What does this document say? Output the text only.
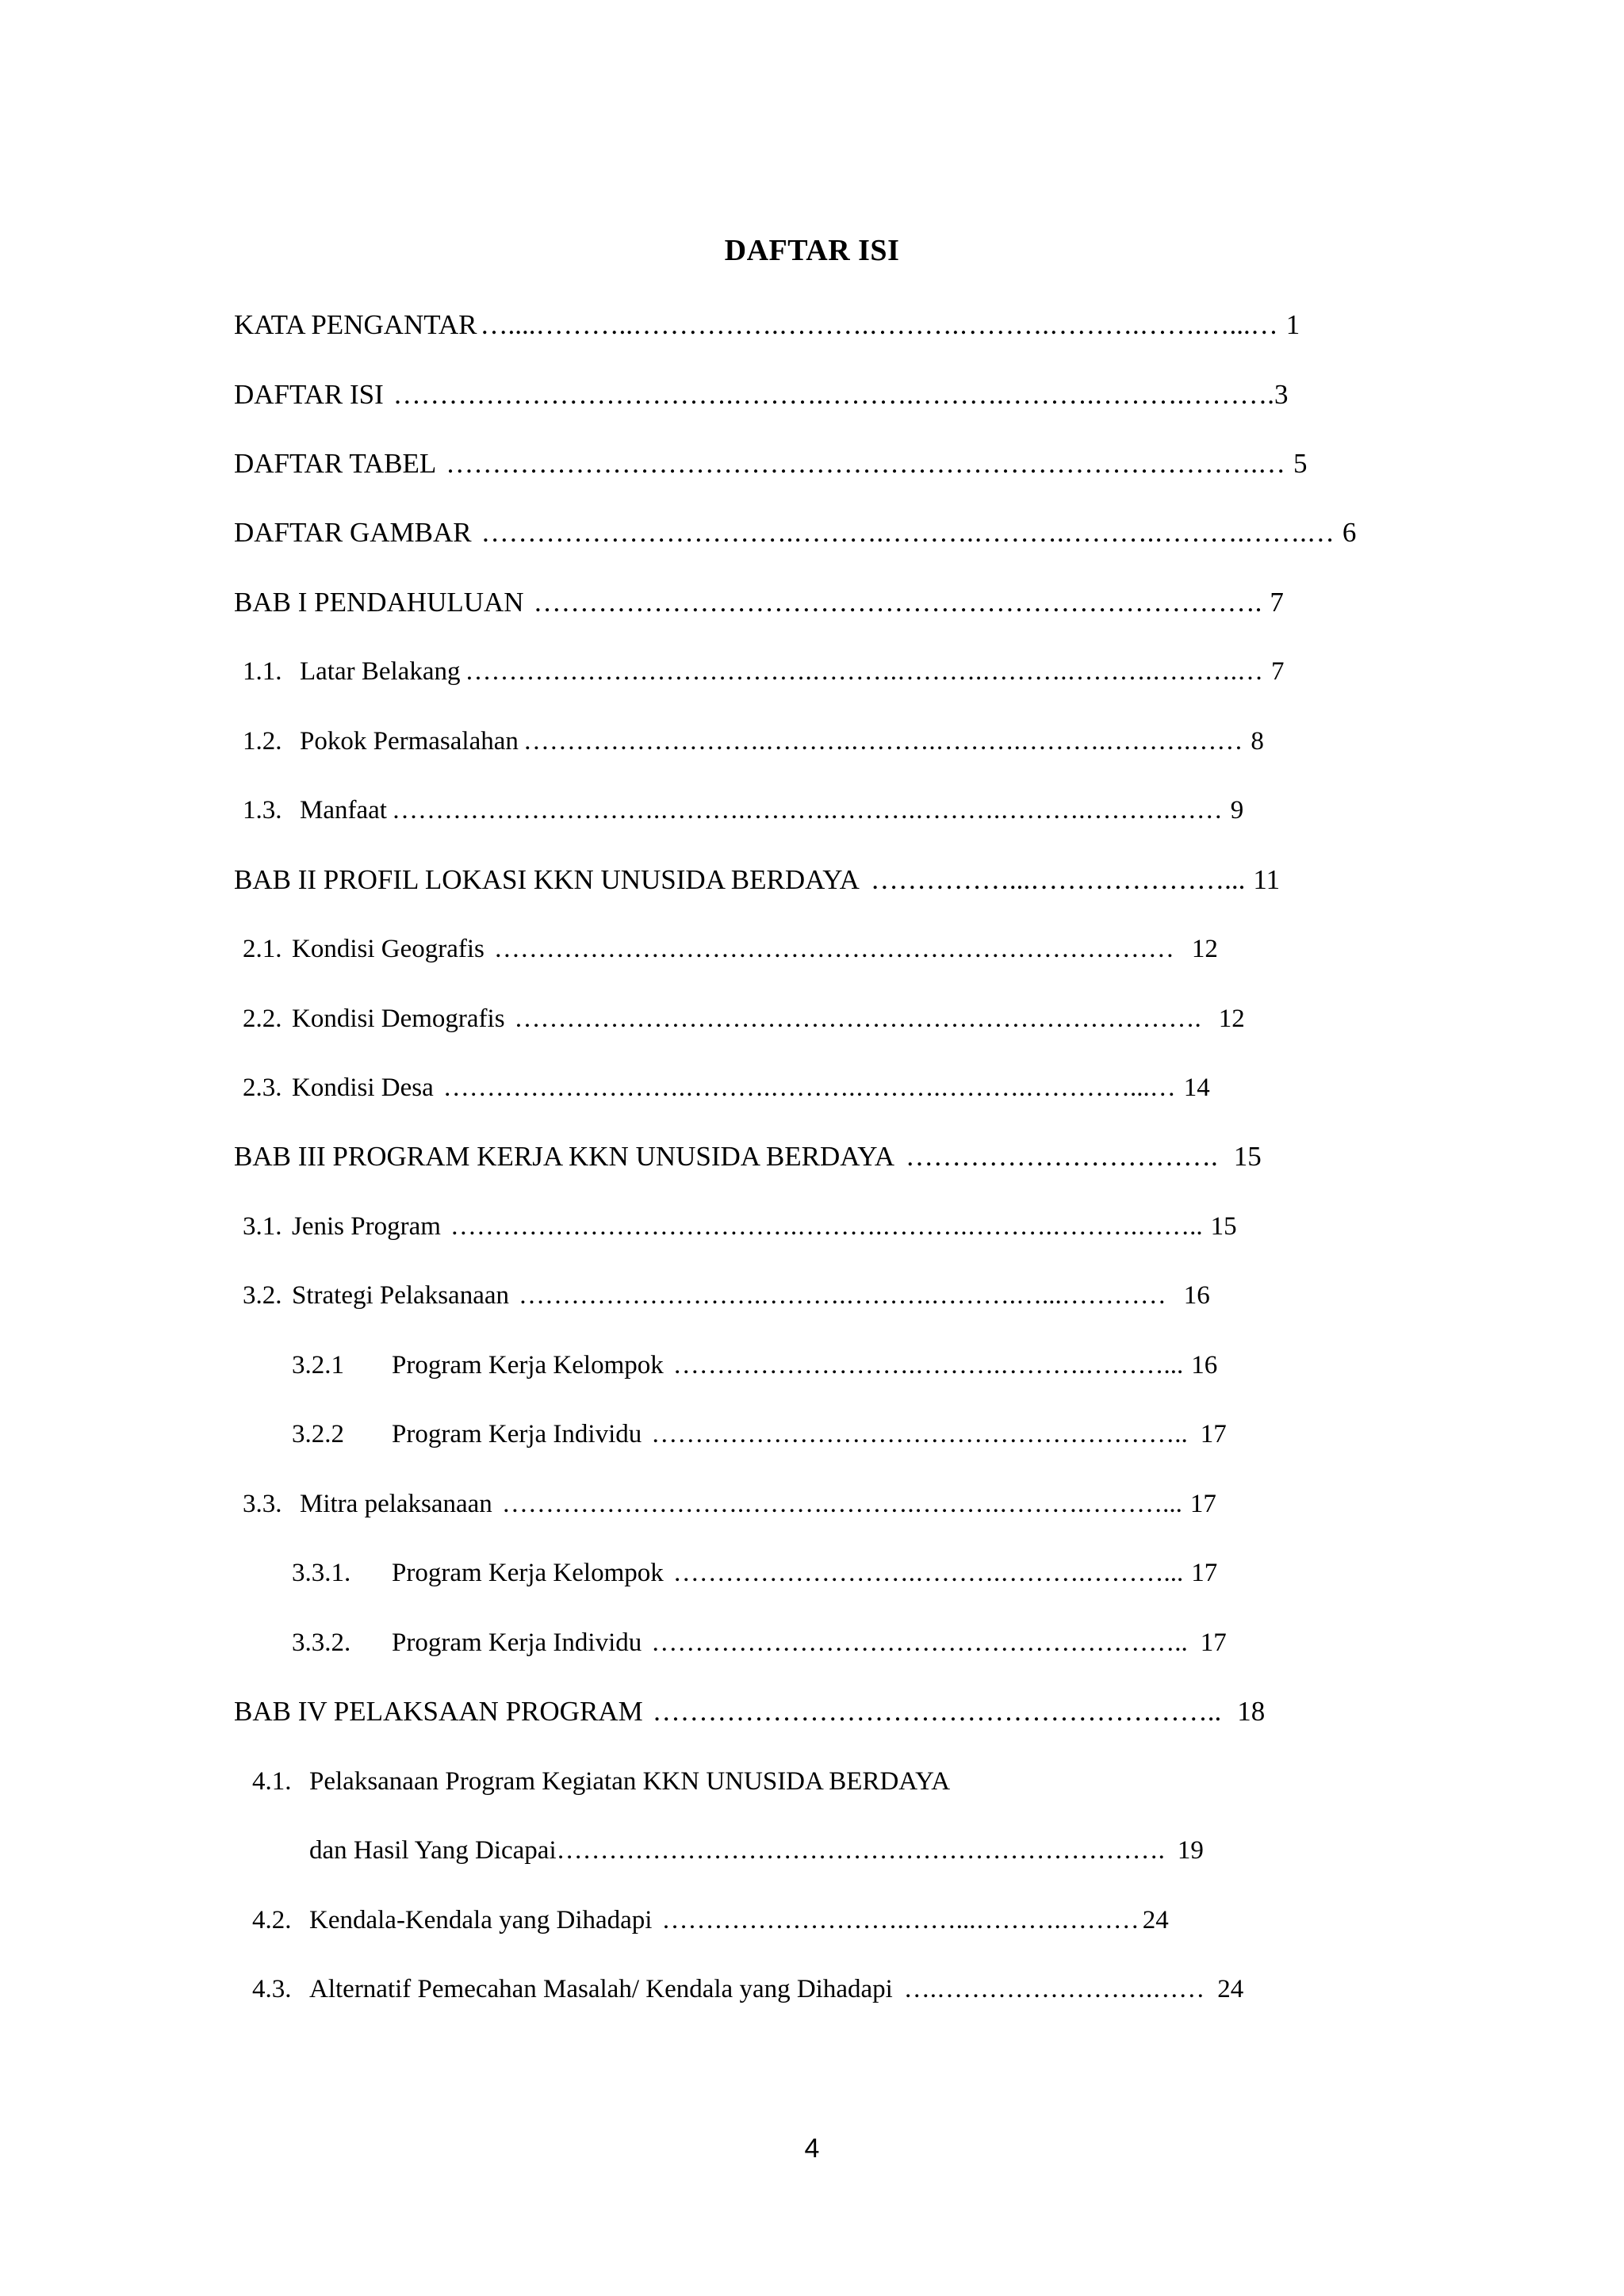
DAFTAR ISI
KATA PENGANTAR …....………..…………….……….……….……….……….…….…...… 1
DAFTAR ISI ……………………………….……….……….……….……….……….………. 3
DAFTAR TABEL …………………………………………………………………………….… 5
DAFTAR GAMBAR …………………………….……….……….……….……….……….…….… 6
BAB I PENDAHULUAN ……………………………………………………………………. 7
1.1. Latar Belakang ………………………………….……….……….……….……….……….… 7
1.2. Pokok Permasalahan ……………………….……….……….……….……….……….…… 8
1.3. Manfaat ………………………….……….……….……….……….……….……….…… 9
BAB II PROFIL LOKASI KKN UNUSIDA BERDAYA ……………...…………………... 11
2.1. Kondisi Geografis …………………………………………………………………… 12
2.2. Kondisi Demografis ……………………………………………………………………. 12
2.3. Kondisi Desa ……………………….……….……….……….……….…………...… 14
BAB III PROGRAM KERJA KKN UNUSIDA BERDAYA ……………………………. 15
3.1. Jenis Program ………………………………….……….……….……….……….…….. 15
3.2. Strategi Pelaksanaan ……………………….……….……….……….…...………… 16
3.2.1	Program Kerja Kelompok ……………………….……….……….………... 16
3.2.2	Program Kerja Individu …………………………………………………….. 17
3.3. Mitra pelaksanaan ……………………….……….……….……….……….………... 17
3.3.1.	Program Kerja Kelompok ……………………….……….……….………... 17
3.3.2.	Program Kerja Individu …………………………………………………….. 17
BAB IV PELAKSAAN PROGRAM …………………………………………………….. 18
4.1. Pelaksanaan Program Kegiatan KKN UNUSIDA BERDAYA
dan Hasil Yang Dicapai ……………………………………………………………. 19
4.2. Kendala-Kendala yang Dihadapi ……………………….……...……….……… 24
4.3. Alternatif Pemecahan Masalah/ Kendala yang Dihadapi ….…………………….…… 24
4
